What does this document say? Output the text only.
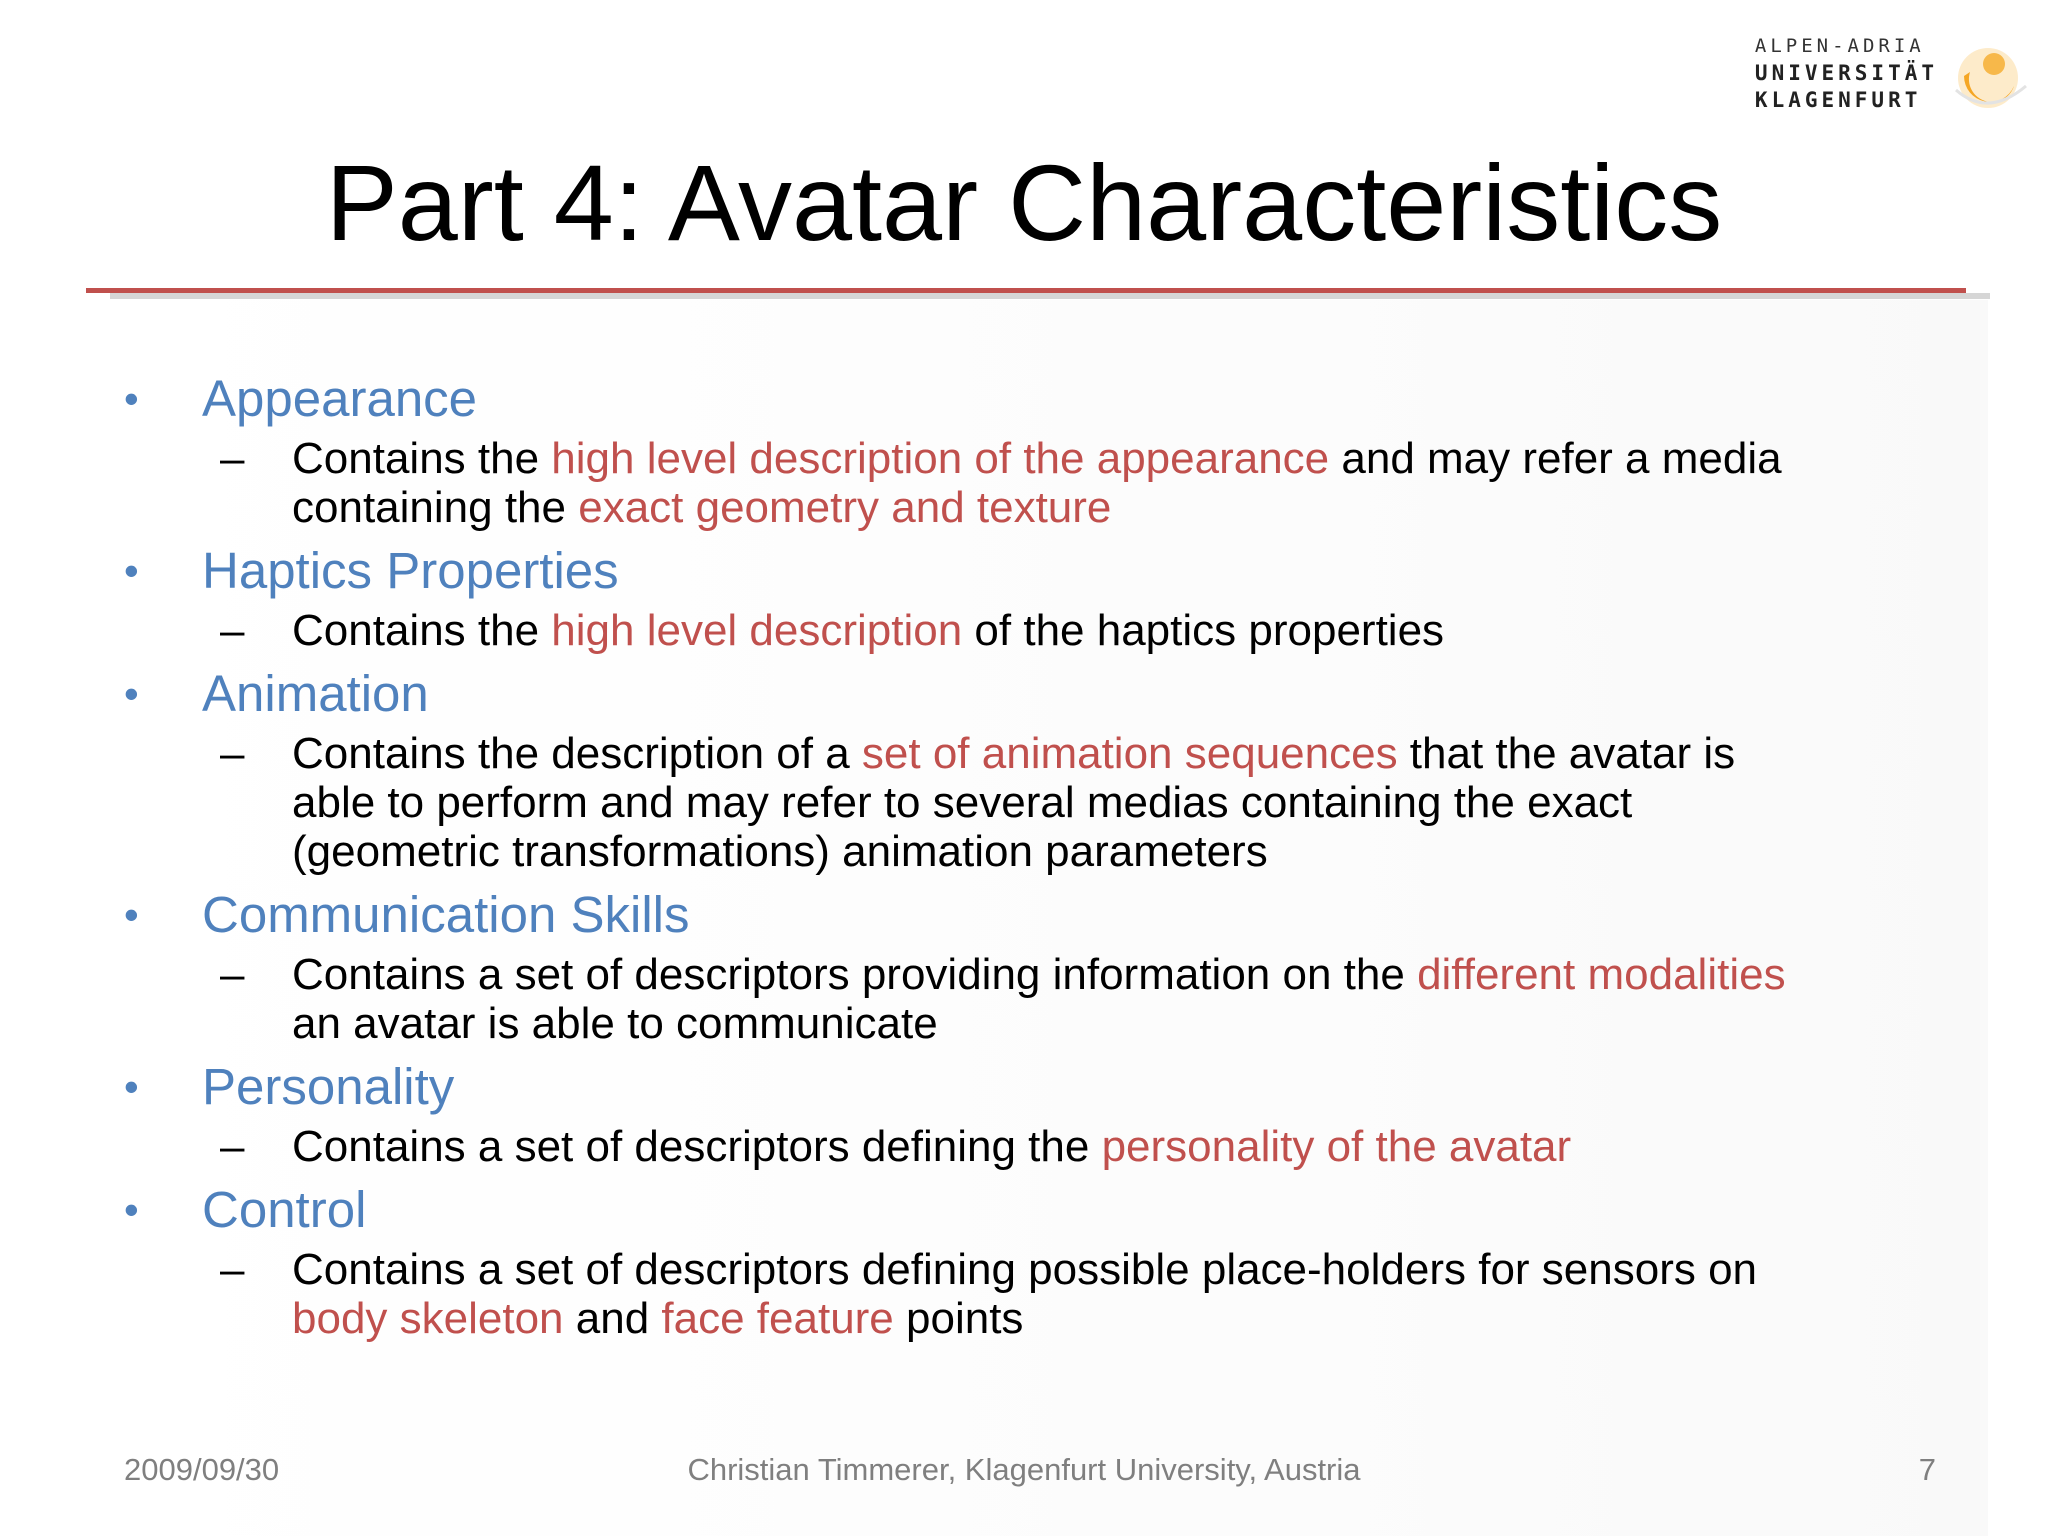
ALPEN-ADRIA
UNIVERSITÄT
KLAGENFURT
Part 4: Avatar Characteristics
• Appearance
– Contains the high level description of the appearance and may refer a media
containing the exact geometry and texture
• Haptics Properties
– Contains the high level description of the haptics properties
• Animation
– Contains the description of a set of animation sequences that the avatar is
able to perform and may refer to several medias containing the exact
(geometric transformations) animation parameters
• Communication Skills
– Contains a set of descriptors providing information on the different modalities
an avatar is able to communicate
• Personality
– Contains a set of descriptors defining the personality of the avatar
• Control
– Contains a set of descriptors defining possible place-holders for sensors on
body skeleton and face feature points
2009/09/30	Christian Timmerer, Klagenfurt University, Austria	7
